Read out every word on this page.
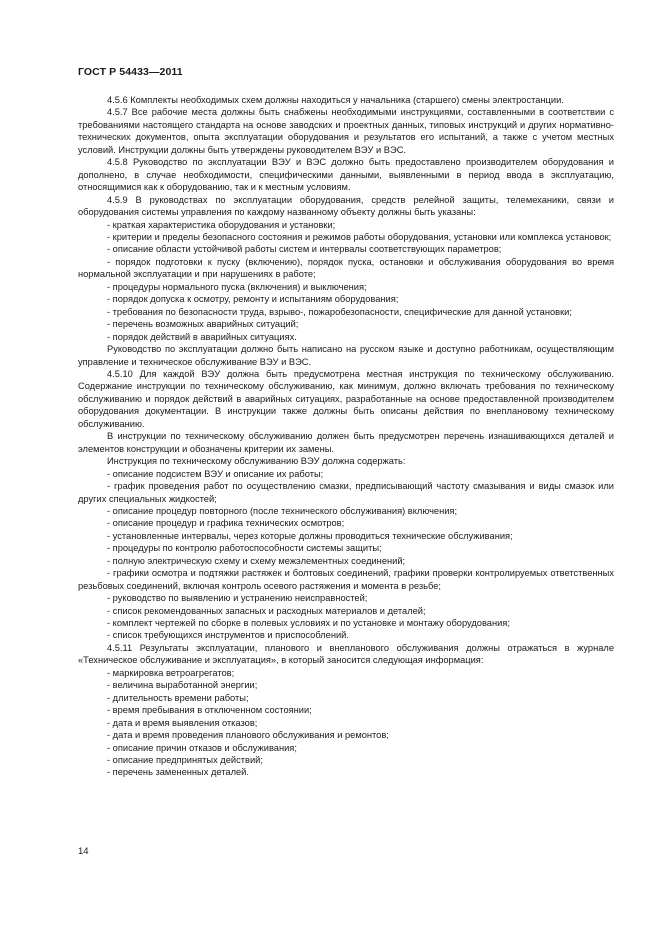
ГОСТ Р 54433—2011

4.5.6 Комплекты необходимых схем должны находиться у начальника (старшего) смены электростанции.

4.5.7 Все рабочие места должны быть снабжены необходимыми инструкциями, составленными в соответствии с требованиями настоящего стандарта на основе заводских и проектных данных, типовых инструкций и других нормативно-технических документов, опыта эксплуатации оборудования и результатов его испытаний, а также с учетом местных условий. Инструкции должны быть утверждены руководителем ВЭУ и ВЭС.

4.5.8 Руководство по эксплуатации ВЭУ и ВЭС должно быть предоставлено производителем оборудования и дополнено, в случае необходимости, специфическими данными, выявленными в период ввода в эксплуатацию, относящимися как к оборудованию, так и к местным условиям.

4.5.9 В руководствах по эксплуатации оборудования, средств релейной защиты, телемеханики, связи и оборудования системы управления по каждому названному объекту должны быть указаны:

- краткая характеристика оборудования и установки;

- критерии и пределы безопасного состояния и режимов работы оборудования, установки или комплекса установок;

- описание области устойчивой работы систем и интервалы соответствующих параметров;

- порядок подготовки к пуску (включению), порядок пуска, остановки и обслуживания оборудования во время нормальной эксплуатации и при нарушениях в работе;

- процедуры нормального пуска (включения) и выключения;

- порядок допуска к осмотру, ремонту и испытаниям оборудования;

- требования по безопасности труда, взрыво-, пожаробезопасности, специфические для данной установки;

- перечень возможных аварийных ситуаций;

- порядок действий в аварийных ситуациях.

Руководство по эксплуатации должно быть написано на русском языке и доступно работникам, осуществляющим управление и техническое обслуживание ВЭУ и ВЭС.

4.5.10 Для каждой ВЭУ должна быть предусмотрена местная инструкция по техническому обслуживанию. Содержание инструкции по техническому обслуживанию, как минимум, должно включать требования по техническому обслуживанию и порядок действий в аварийных ситуациях, разработанные на основе предоставленной производителем оборудования документации. В инструкции также должны быть описаны действия по внеплановому техническому обслуживанию.

В инструкции по техническому обслуживанию должен быть предусмотрен перечень изнашивающихся деталей и элементов конструкции и обозначены критерии их замены.

Инструкция по техническому обслуживанию ВЭУ должна содержать:

- описание подсистем ВЭУ и описание их работы;

- график проведения работ по осуществлению смазки, предписывающий частоту смазывания и виды смазок или других специальных жидкостей;

- описание процедур повторного (после технического обслуживания) включения;

- описание процедур и графика технических осмотров;

- установленные интервалы, через которые должны проводиться технические обслуживания;

- процедуры по контролю работоспособности системы защиты;

- полную электрическую схему и схему межэлементных соединений;

- графики осмотра и подтяжки растяжек и болтовых соединений, графики проверки контролируемых ответственных резьбовых соединений, включая контроль осевого растяжения и момента в резьбе;

- руководство по выявлению и устранению неисправностей;

- список рекомендованных запасных и расходных материалов и деталей;

- комплект чертежей по сборке в полевых условиях и по установке и монтажу оборудования;

- список требующихся инструментов и приспособлений.

4.5.11 Результаты эксплуатации, планового и внепланового обслуживания должны отражаться в журнале «Техническое обслуживание и эксплуатация», в который заносится следующая информация:

- маркировка ветроагрегатов;

- величина выработанной энергии;

- длительность времени работы;

- время пребывания в отключенном состоянии;

- дата и время выявления отказов;

- дата и время проведения планового обслуживания и ремонтов;

- описание причин отказов и обслуживания;

- описание предпринятых действий;

- перечень замененных деталей.

14
